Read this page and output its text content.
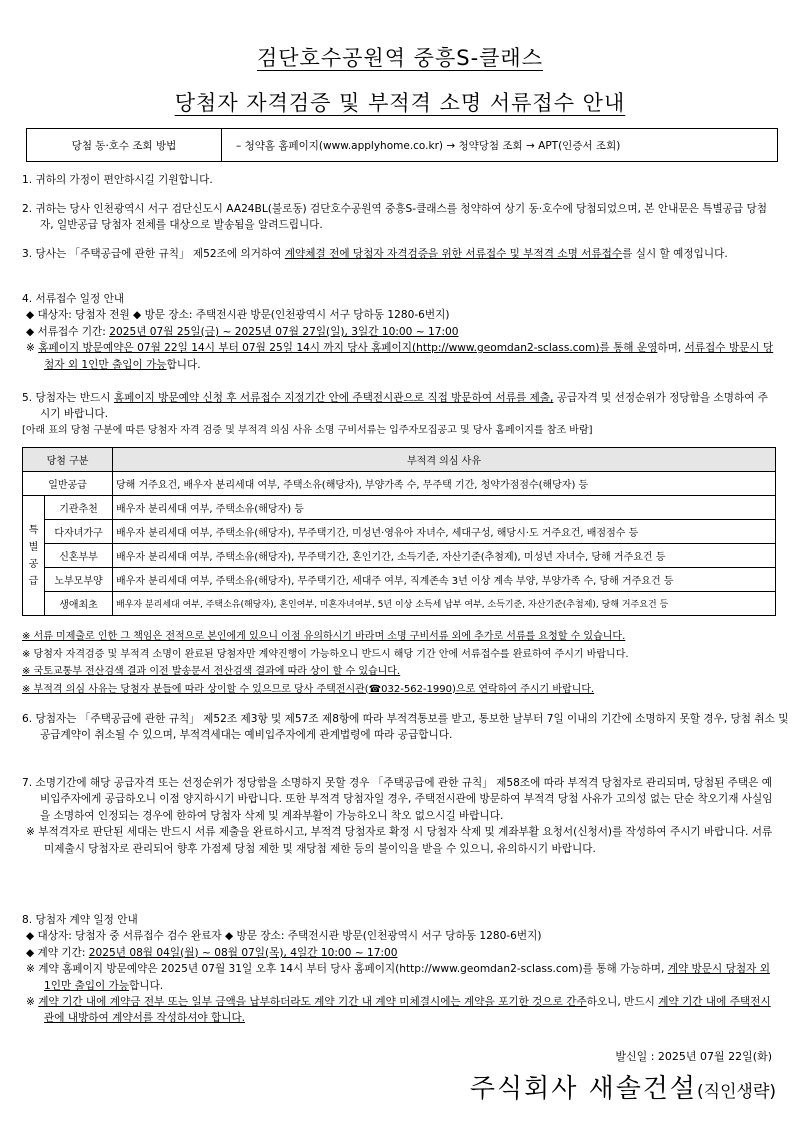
검단호수공원역 중흥S-클래스
당첨자 자격검증 및 부적격 소명 서류접수 안내
당첨 동·호수 조회 방법	– 청약홈 홈페이지(www.applyhome.co.kr) → 청약당첨 조회 → APT(인증서 조회)
1. 귀하의 가정이 편안하시길 기원합니다.
2. 귀하는 당사 인천광역시 서구 검단신도시 AA24BL(불로동) 검단호수공원역 중흥S-클래스를 청약하여 상기 동·호수에 당첨되었으며, 본 안내문은 특별공급 당첨자, 일반공급 당첨자 전체를 대상으로 발송됨을 알려드립니다.
3. 당사는 「주택공급에 관한 규칙」 제52조에 의거하여 계약체결 전에 당첨자 자격검증을 위한 서류접수 및 부적격 소명 서류접수를 실시 할 예정입니다.
4. 서류접수 일정 안내
◆ 대상자: 당첨자 전원 ◆ 방문 장소: 주택전시관 방문(인천광역시 서구 당하동 1280-6번지)
◆ 서류접수 기간: 2025년 07월 25일(금) ~ 2025년 07월 27일(일), 3일간 10:00 ~ 17:00
※ 홈페이지 방문예약은 07월 22일 14시 부터 07월 25일 14시 까지 당사 홈페이지(http://www.geomdan2-sclass.com)를 통해 운영하며, 서류접수 방문시 당첨자 외 1인만 출입이 가능합니다.
5. 당첨자는 반드시 홈페이지 방문예약 신청 후 서류접수 지정기간 안에 주택전시관으로 직접 방문하여 서류를 제출, 공급자격 및 선정순위가 정당함을 소명하여 주시기 바랍니다.
[아래 표의 당첨 구분에 따른 당첨자 자격 검증 및 부적격 의심 사유 소명 구비서류는 입주자모집공고 및 당사 홈페이지를 참조 바람]
당첨 구분		부적격 의심 사유
일반공급		당해 거주요건, 배우자 분리세대 여부, 주택소유(해당자), 부양가족 수, 무주택 기간, 청약가점점수(해당자) 등
특
별
공
급	기관추천	배우자 분리세대 여부, 주택소유(해당자) 등
	다자녀가구	배우자 분리세대 여부, 주택소유(해당자), 무주택기간, 미성년·영유아 자녀수, 세대구성, 해당시·도 거주요건, 배점점수 등
	신혼부부	배우자 분리세대 여부, 주택소유(해당자), 무주택기간, 혼인기간, 소득기준, 자산기준(추첨제), 미성년 자녀수, 당해 거주요건 등
	노부모부양	배우자 분리세대 여부, 주택소유(해당자), 무주택기간, 세대주 여부, 직계존속 3년 이상 계속 부양, 부양가족 수, 당해 거주요건 등
	생애최초	배우자 분리세대 여부, 주택소유(해당자), 혼인여부, 미혼자녀여부, 5년 이상 소득세 납부 여부, 소득기준, 자산기준(추첨제), 당해 거주요건 등
※ 서류 미제출로 인한 그 책임은 전적으로 본인에게 있으니 이점 유의하시기 바라며 소명 구비서류 외에 추가로 서류를 요청할 수 있습니다.
※ 당첨자 자격검증 및 부적격 소명이 완료된 당첨자만 계약진행이 가능하오니 반드시 해당 기간 안에 서류접수를 완료하여 주시기 바랍니다.
※ 국토교통부 전산검색 결과 이전 발송문서 전산검색 결과에 따라 상이 할 수 있습니다.
※ 부적격 의심 사유는 당첨자 분들에 따라 상이할 수 있으므로 당사 주택전시관(☎032-562-1990)으로 연락하여 주시기 바랍니다.
6. 당첨자는 「주택공급에 관한 규칙」 제52조 제3항 및 제57조 제8항에 따라 부적격통보를 받고, 통보한 날부터 7일 이내의 기간에 소명하지 못할 경우, 당첨 취소 및 공급계약이 취소될 수 있으며, 부적격세대는 예비입주자에게 관계법령에 따라 공급합니다.
7. 소명기간에 해당 공급자격 또는 선정순위가 정당함을 소명하지 못할 경우 「주택공급에 관한 규칙」 제58조에 따라 부적격 당첨자로 관리되며, 당첨된 주택은 예비입주자에게 공급하오니 이점 양지하시기 바랍니다. 또한 부적격 당첨자일 경우, 주택전시관에 방문하여 부적격 당첨 사유가 고의성 없는 단순 착오기재 사실임을 소명하여 인정되는 경우에 한하여 당첨자 삭제 및 계좌부활이 가능하오니 착오 없으시길 바랍니다.
※ 부적격자로 판단된 세대는 반드시 서류 제출을 완료하시고, 부적격 당첨자로 확정 시 당첨자 삭제 및 계좌부활 요청서(신청서)를 작성하여 주시기 바랍니다. 서류 미제출시 당첨자로 관리되어 향후 가점제 당첨 제한 및 재당첨 제한 등의 불이익을 받을 수 있으니, 유의하시기 바랍니다.
8. 당첨자 계약 일정 안내
◆ 대상자: 당첨자 중 서류접수 검수 완료자 ◆ 방문 장소: 주택전시관 방문(인천광역시 서구 당하동 1280-6번지)
◆ 계약 기간: 2025년 08월 04일(월) ~ 08월 07일(목), 4일간 10:00 ~ 17:00
※ 계약 홈페이지 방문예약은 2025년 07월 31일 오후 14시 부터 당사 홈페이지(http://www.geomdan2-sclass.com)를 통해 가능하며, 계약 방문시 당첨자 외 1인만 출입이 가능합니다.
※ 계약 기간 내에 계약금 전부 또는 일부 금액을 납부하더라도 계약 기간 내 계약 미체결시에는 계약을 포기한 것으로 간주하오니, 반드시 계약 기간 내에 주택전시관에 내방하여 계약서를 작성하셔야 합니다.
발신일 : 2025년 07월 22일(화)
주식회사 새솔건설(직인생략)
